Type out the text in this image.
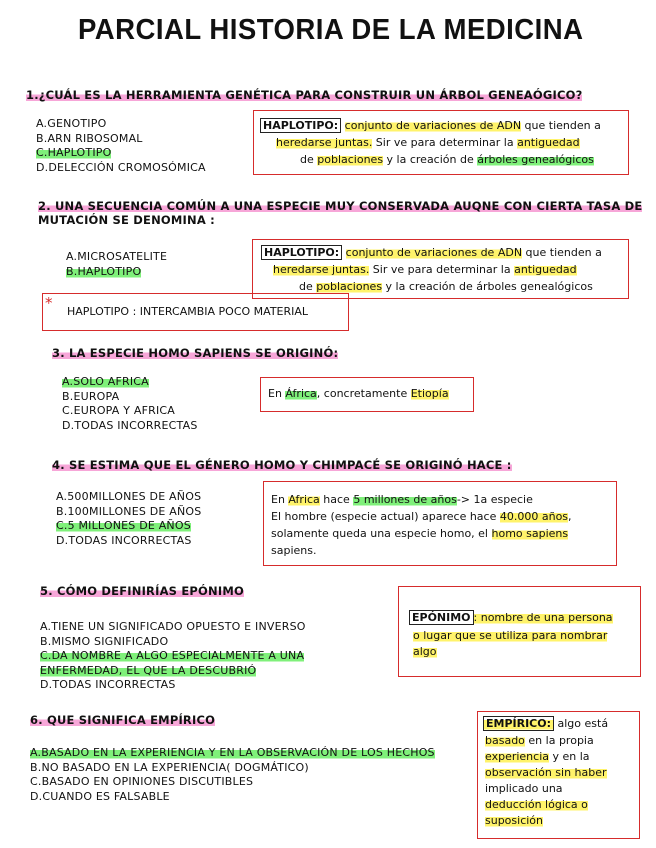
PARCIAL HISTORIA DE LA MEDICINA
1.¿CUÁL ES LA HERRAMIENTA GENÉTICA PARA CONSTRUIR UN ÁRBOL GENEAÓGICO?
A.GENOTIPO
B.ARN RIBOSOMAL
C.HAPLOTIPO
D.DELECCIÓN CROMOSÓMICA
HAPLOTIPO: conjunto de variaciones de ADN que tienden a
heredarse juntas. Sir ve para determinar la antiguedad
de poblaciones y la creación de árboles genealógicos
2. UNA SECUENCIA COMÚN A UNA ESPECIE MUY CONSERVADA AUQNE CON CIERTA TASA DE
MUTACIÓN SE DENOMINA :
A.MICROSATELITE
B.HAPLOTIPO
HAPLOTIPO: conjunto de variaciones de ADN que tienden a
heredarse juntas. Sir ve para determinar la antiguedad
de poblaciones y la creación de árboles genealógicos
* HAPLOTIPO : INTERCAMBIA POCO MATERIAL
3. LA ESPECIE HOMO SAPIENS SE ORIGINÓ:
A.SOLO AFRICA
B.EUROPA
C.EUROPA Y AFRICA
D.TODAS INCORRECTAS
En África, concretamente Etiopía
4. SE ESTIMA QUE EL GÉNERO HOMO Y CHIMPACÉ SE ORIGINÓ HACE :
A.500MILLONES DE AÑOS
B.100MILLONES DE AÑOS
C.5 MILLONES DE AÑOS
D.TODAS INCORRECTAS
En Africa hace 5 millones de años-> 1a especie
El hombre (especie actual) aparece hace 40.000 años,
solamente queda una especie homo, el homo sapiens
sapiens.
5. CÓMO DEFINIRÍAS EPÓNIMO
A.TIENE UN SIGNIFICADO OPUESTO E INVERSO
B.MISMO SIGNIFICADO
C.DA NOMBRE A ALGO ESPECIALMENTE A UNA
ENFERMEDAD, EL QUE LA DESCUBRIÓ
D.TODAS INCORRECTAS
EPÓNIMO : nombre de una persona
o lugar que se utiliza para nombrar
algo
6. QUE SIGNIFICA EMPÍRICO
A.BASADO EN LA EXPERIENCIA Y EN LA OBSERVACIÓN DE LOS HECHOS
B.NO BASADO EN LA EXPERIENCIA( DOGMÁTICO)
C.BASADO EN OPINIONES DISCUTIBLES
D.CUANDO ES FALSABLE
EMPÍRICO: algo está
basado en la propia
experiencia y en la
observación sin haber
implicado una
deducción lógica o
suposición
